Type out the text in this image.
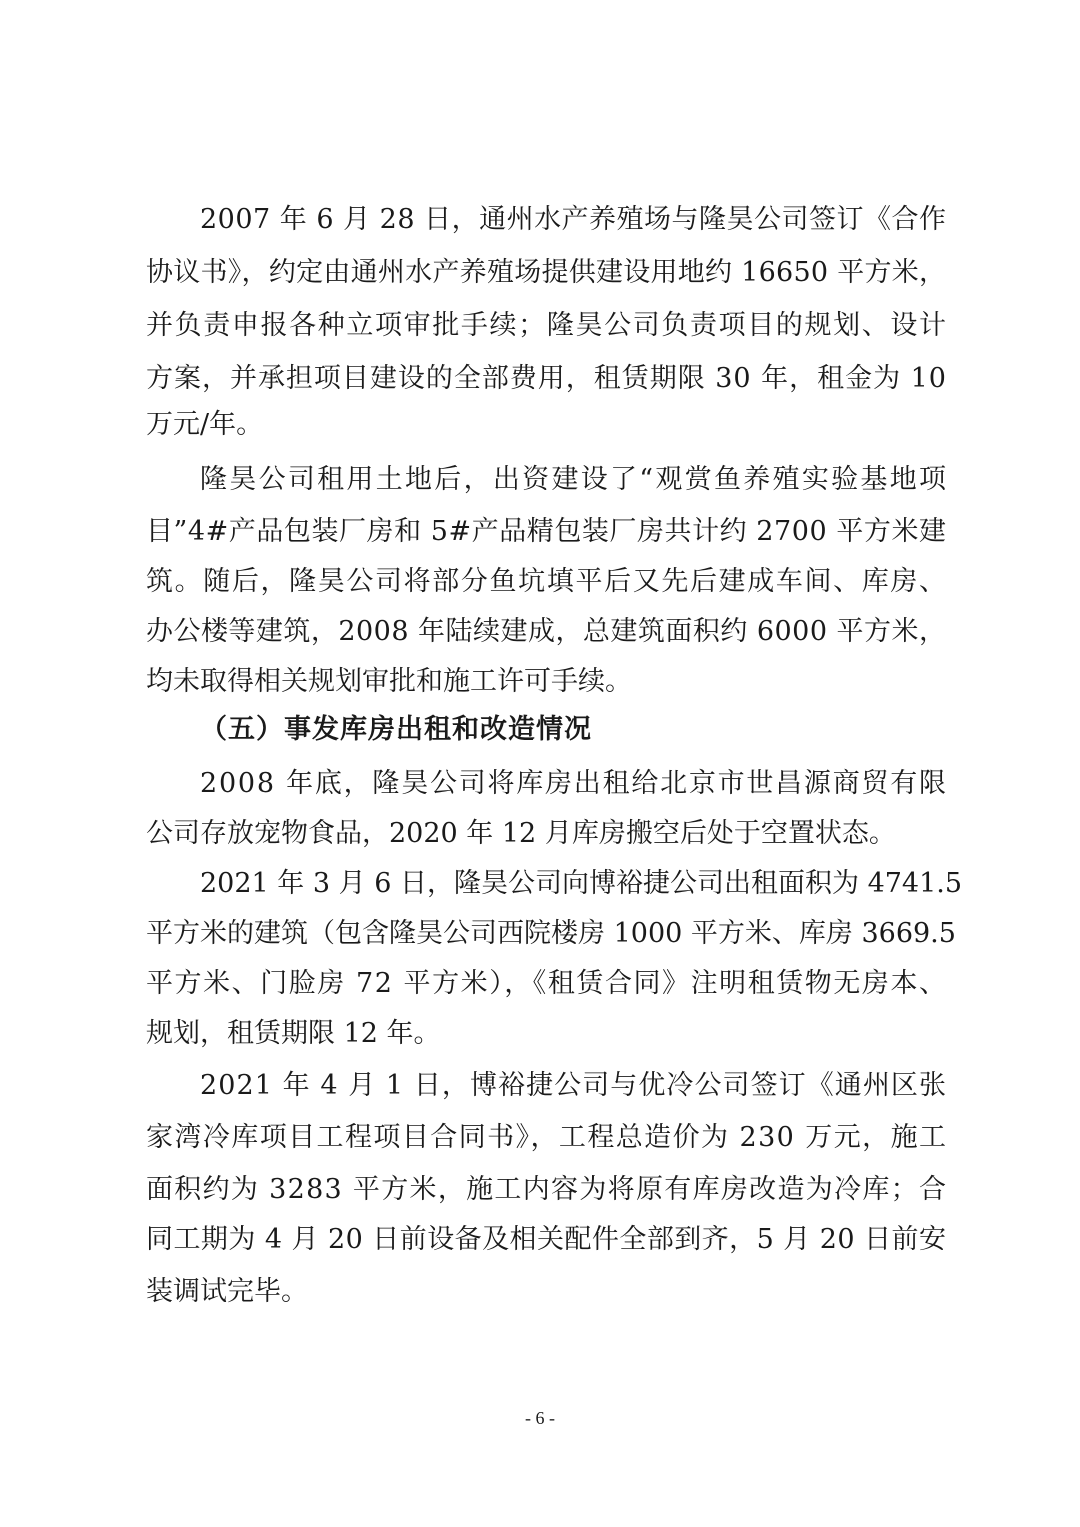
2007 年 6 月 28 日，通州水产养殖场与隆昊公司签订《合作
协议书》，约定由通州水产养殖场提供建设用地约 16650 平方米，
并负责申报各种立项审批手续；隆昊公司负责项目的规划、设计
方案，并承担项目建设的全部费用，租赁期限 30 年，租金为 10
万元/年。
隆昊公司租用土地后，出资建设了“观赏鱼养殖实验基地项
目”4#产品包装厂房和 5#产品精包装厂房共计约 2700 平方米建
筑。随后，隆昊公司将部分鱼坑填平后又先后建成车间、库房、
办公楼等建筑，2008 年陆续建成，总建筑面积约 6000 平方米，
均未取得相关规划审批和施工许可手续。
（五）事发库房出租和改造情况
2008 年底，隆昊公司将库房出租给北京市世昌源商贸有限
公司存放宠物食品，2020 年 12 月库房搬空后处于空置状态。
2021 年 3 月 6 日，隆昊公司向博裕捷公司出租面积为 4741.5
平方米的建筑（包含隆昊公司西院楼房 1000 平方米、库房 3669.5
平方米、门脸房 72 平方米），《租赁合同》注明租赁物无房本、
规划，租赁期限 12 年。
2021 年 4 月 1 日，博裕捷公司与优冷公司签订《通州区张
家湾冷库项目工程项目合同书》，工程总造价为 230 万元，施工
面积约为 3283 平方米，施工内容为将原有库房改造为冷库；合
同工期为 4 月 20 日前设备及相关配件全部到齐，5 月 20 日前安
装调试完毕。
- 6 -
